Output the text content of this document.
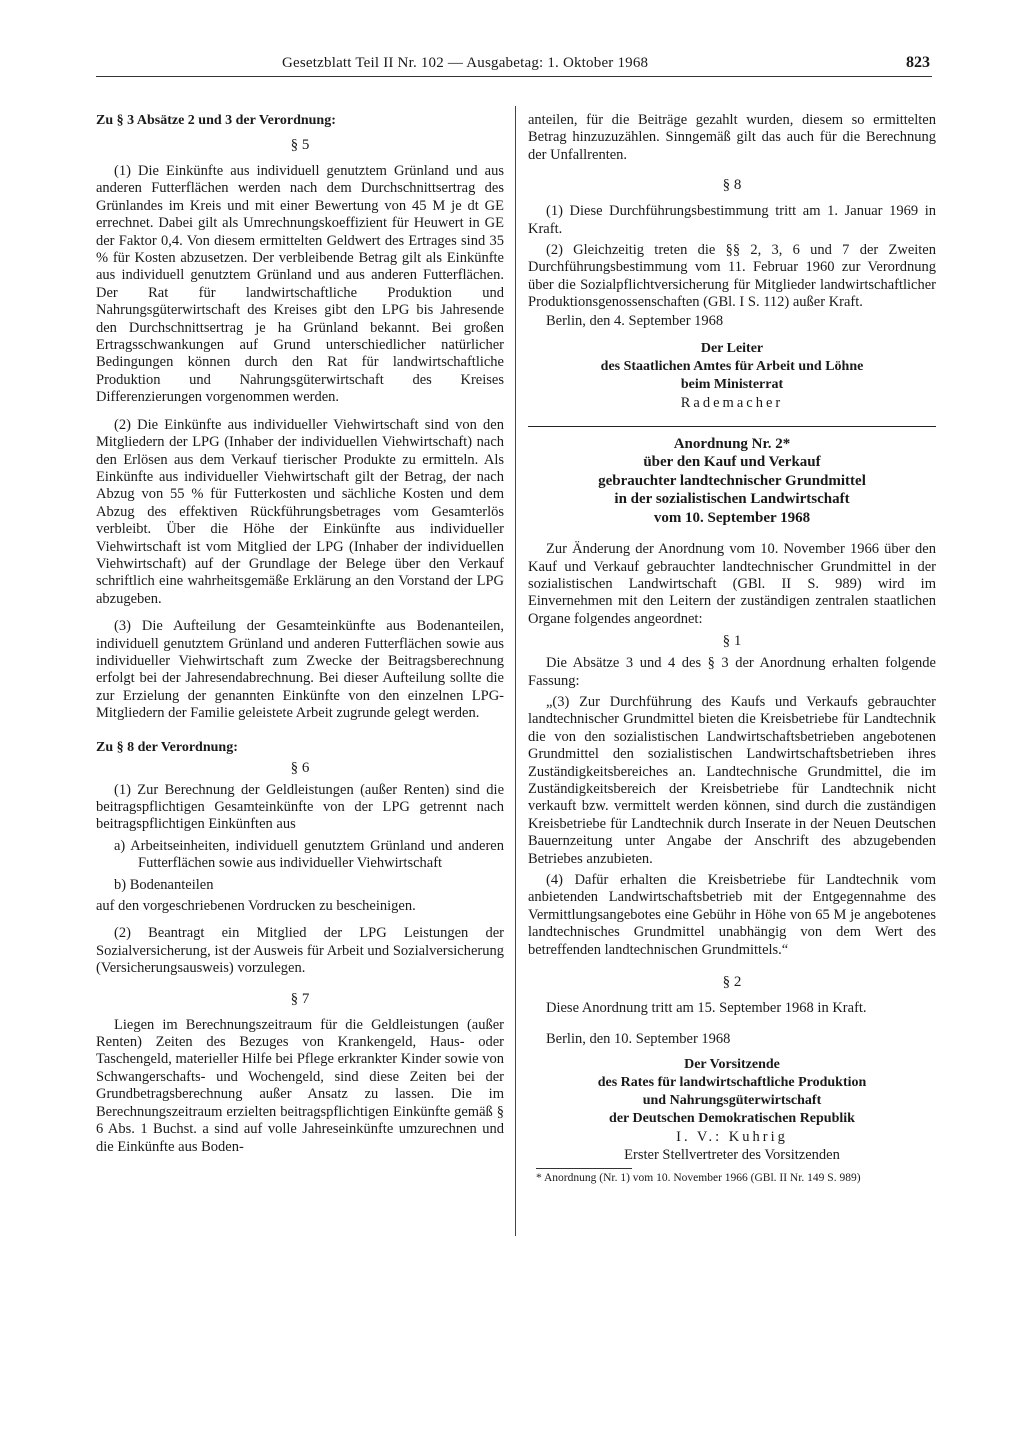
Gesetzblatt Teil II Nr. 102 — Ausgabetag: 1. Oktober 1968	823

Zu § 3 Absätze 2 und 3 der Verordnung:

§ 5

(1) Die Einkünfte aus individuell genutztem Grünland und aus anderen Futterflächen werden nach dem Durchschnittsertrag des Grünlandes im Kreis und mit einer Bewertung von 45 M je dt GE errechnet. Dabei gilt als Umrechnungskoeffizient für Heuwert in GE der Faktor 0,4. Von diesem ermittelten Geldwert des Ertrages sind 35 % für Kosten abzusetzen. Der verbleibende Betrag gilt als Einkünfte aus individuell genutztem Grünland und aus anderen Futterflächen. Der Rat für landwirtschaftliche Produktion und Nahrungsgüterwirtschaft des Kreises gibt den LPG bis Jahresende den Durchschnittsertrag je ha Grünland bekannt. Bei großen Ertragsschwankungen auf Grund unterschiedlicher natürlicher Bedingungen können durch den Rat für landwirtschaftliche Produktion und Nahrungsgüterwirtschaft des Kreises Differenzierungen vorgenommen werden.

(2) Die Einkünfte aus individueller Viehwirtschaft sind von den Mitgliedern der LPG (Inhaber der individuellen Viehwirtschaft) nach den Erlösen aus dem Verkauf tierischer Produkte zu ermitteln. Als Einkünfte aus individueller Viehwirtschaft gilt der Betrag, der nach Abzug von 55 % für Futterkosten und sächliche Kosten und dem Abzug des effektiven Rückführungsbetrages vom Gesamterlös verbleibt. Über die Höhe der Einkünfte aus individueller Viehwirtschaft ist vom Mitglied der LPG (Inhaber der individuellen Viehwirtschaft) auf der Grundlage der Belege über den Verkauf schriftlich eine wahrheitsgemäße Erklärung an den Vorstand der LPG abzugeben.

(3) Die Aufteilung der Gesamteinkünfte aus Bodenanteilen, individuell genutztem Grünland und anderen Futterflächen sowie aus individueller Viehwirtschaft zum Zwecke der Beitragsberechnung erfolgt bei der Jahresendabrechnung. Bei dieser Aufteilung sollte die zur Erzielung der genannten Einkünfte von den einzelnen LPG-Mitgliedern der Familie geleistete Arbeit zugrunde gelegt werden.

Zu § 8 der Verordnung:

§ 6

(1) Zur Berechnung der Geldleistungen (außer Renten) sind die beitragspflichtigen Gesamteinkünfte von der LPG getrennt nach beitragspflichtigen Einkünften aus

a) Arbeitseinheiten, individuell genutztem Grünland und anderen Futterflächen sowie aus individueller Viehwirtschaft

b) Bodenanteilen

auf den vorgeschriebenen Vordrucken zu bescheinigen.

(2) Beantragt ein Mitglied der LPG Leistungen der Sozialversicherung, ist der Ausweis für Arbeit und Sozialversicherung (Versicherungsausweis) vorzulegen.

§ 7

Liegen im Berechnungszeitraum für die Geldleistungen (außer Renten) Zeiten des Bezuges von Krankengeld, Haus- oder Taschengeld, materieller Hilfe bei Pflege erkrankter Kinder sowie von Schwangerschafts- und Wochengeld, sind diese Zeiten bei der Grundbetragsberechnung außer Ansatz zu lassen. Die im Berechnungszeitraum erzielten beitragspflichtigen Einkünfte gemäß § 6 Abs. 1 Buchst. a sind auf volle Jahreseinkünfte umzurechnen und die Einkünfte aus Boden-

anteilen, für die Beiträge gezahlt wurden, diesem so ermittelten Betrag hinzuzuzählen. Sinngemäß gilt das auch für die Berechnung der Unfallrenten.

§ 8

(1) Diese Durchführungsbestimmung tritt am 1. Januar 1969 in Kraft.

(2) Gleichzeitig treten die §§ 2, 3, 6 und 7 der Zweiten Durchführungsbestimmung vom 11. Februar 1960 zur Verordnung über die Sozialpflichtversicherung für Mitglieder landwirtschaftlicher Produktionsgenossenschaften (GBl. I S. 112) außer Kraft.

Berlin, den 4. September 1968

Der Leiter

des Staatlichen Amtes für Arbeit und Löhne

beim Ministerrat

Rademacher

Anordnung Nr. 2*

über den Kauf und Verkauf

gebrauchter landtechnischer Grundmittel

in der sozialistischen Landwirtschaft

vom 10. September 1968

Zur Änderung der Anordnung vom 10. November 1966 über den Kauf und Verkauf gebrauchter landtechnischer Grundmittel in der sozialistischen Landwirtschaft (GBl. II S. 989) wird im Einvernehmen mit den Leitern der zuständigen zentralen staatlichen Organe folgendes angeordnet:

§ 1

Die Absätze 3 und 4 des § 3 der Anordnung erhalten folgende Fassung:

„(3) Zur Durchführung des Kaufs und Verkaufs gebrauchter landtechnischer Grundmittel bieten die Kreisbetriebe für Landtechnik die von den sozialistischen Landwirtschaftsbetrieben angebotenen Grundmittel den sozialistischen Landwirtschaftsbetrieben ihres Zuständigkeitsbereiches an. Landtechnische Grundmittel, die im Zuständigkeitsbereich der Kreisbetriebe für Landtechnik nicht verkauft bzw. vermittelt werden können, sind durch die zuständigen Kreisbetriebe für Landtechnik durch Inserate in der Neuen Deutschen Bauernzeitung unter Angabe der Anschrift des abzugebenden Betriebes anzubieten.

(4) Dafür erhalten die Kreisbetriebe für Landtechnik vom anbietenden Landwirtschaftsbetrieb mit der Entgegennahme des Vermittlungsangebotes eine Gebühr in Höhe von 65 M je angebotenes landtechnisches Grundmittel unabhängig von dem Wert des betreffenden landtechnischen Grundmittels.“

§ 2

Diese Anordnung tritt am 15. September 1968 in Kraft.

Berlin, den 10. September 1968

Der Vorsitzende

des Rates für landwirtschaftliche Produktion

und Nahrungsgüterwirtschaft

der Deutschen Demokratischen Republik

I. V.: Kuhrig

Erster Stellvertreter des Vorsitzenden

* Anordnung (Nr. 1) vom 10. November 1966 (GBl. II Nr. 149 S. 989)
